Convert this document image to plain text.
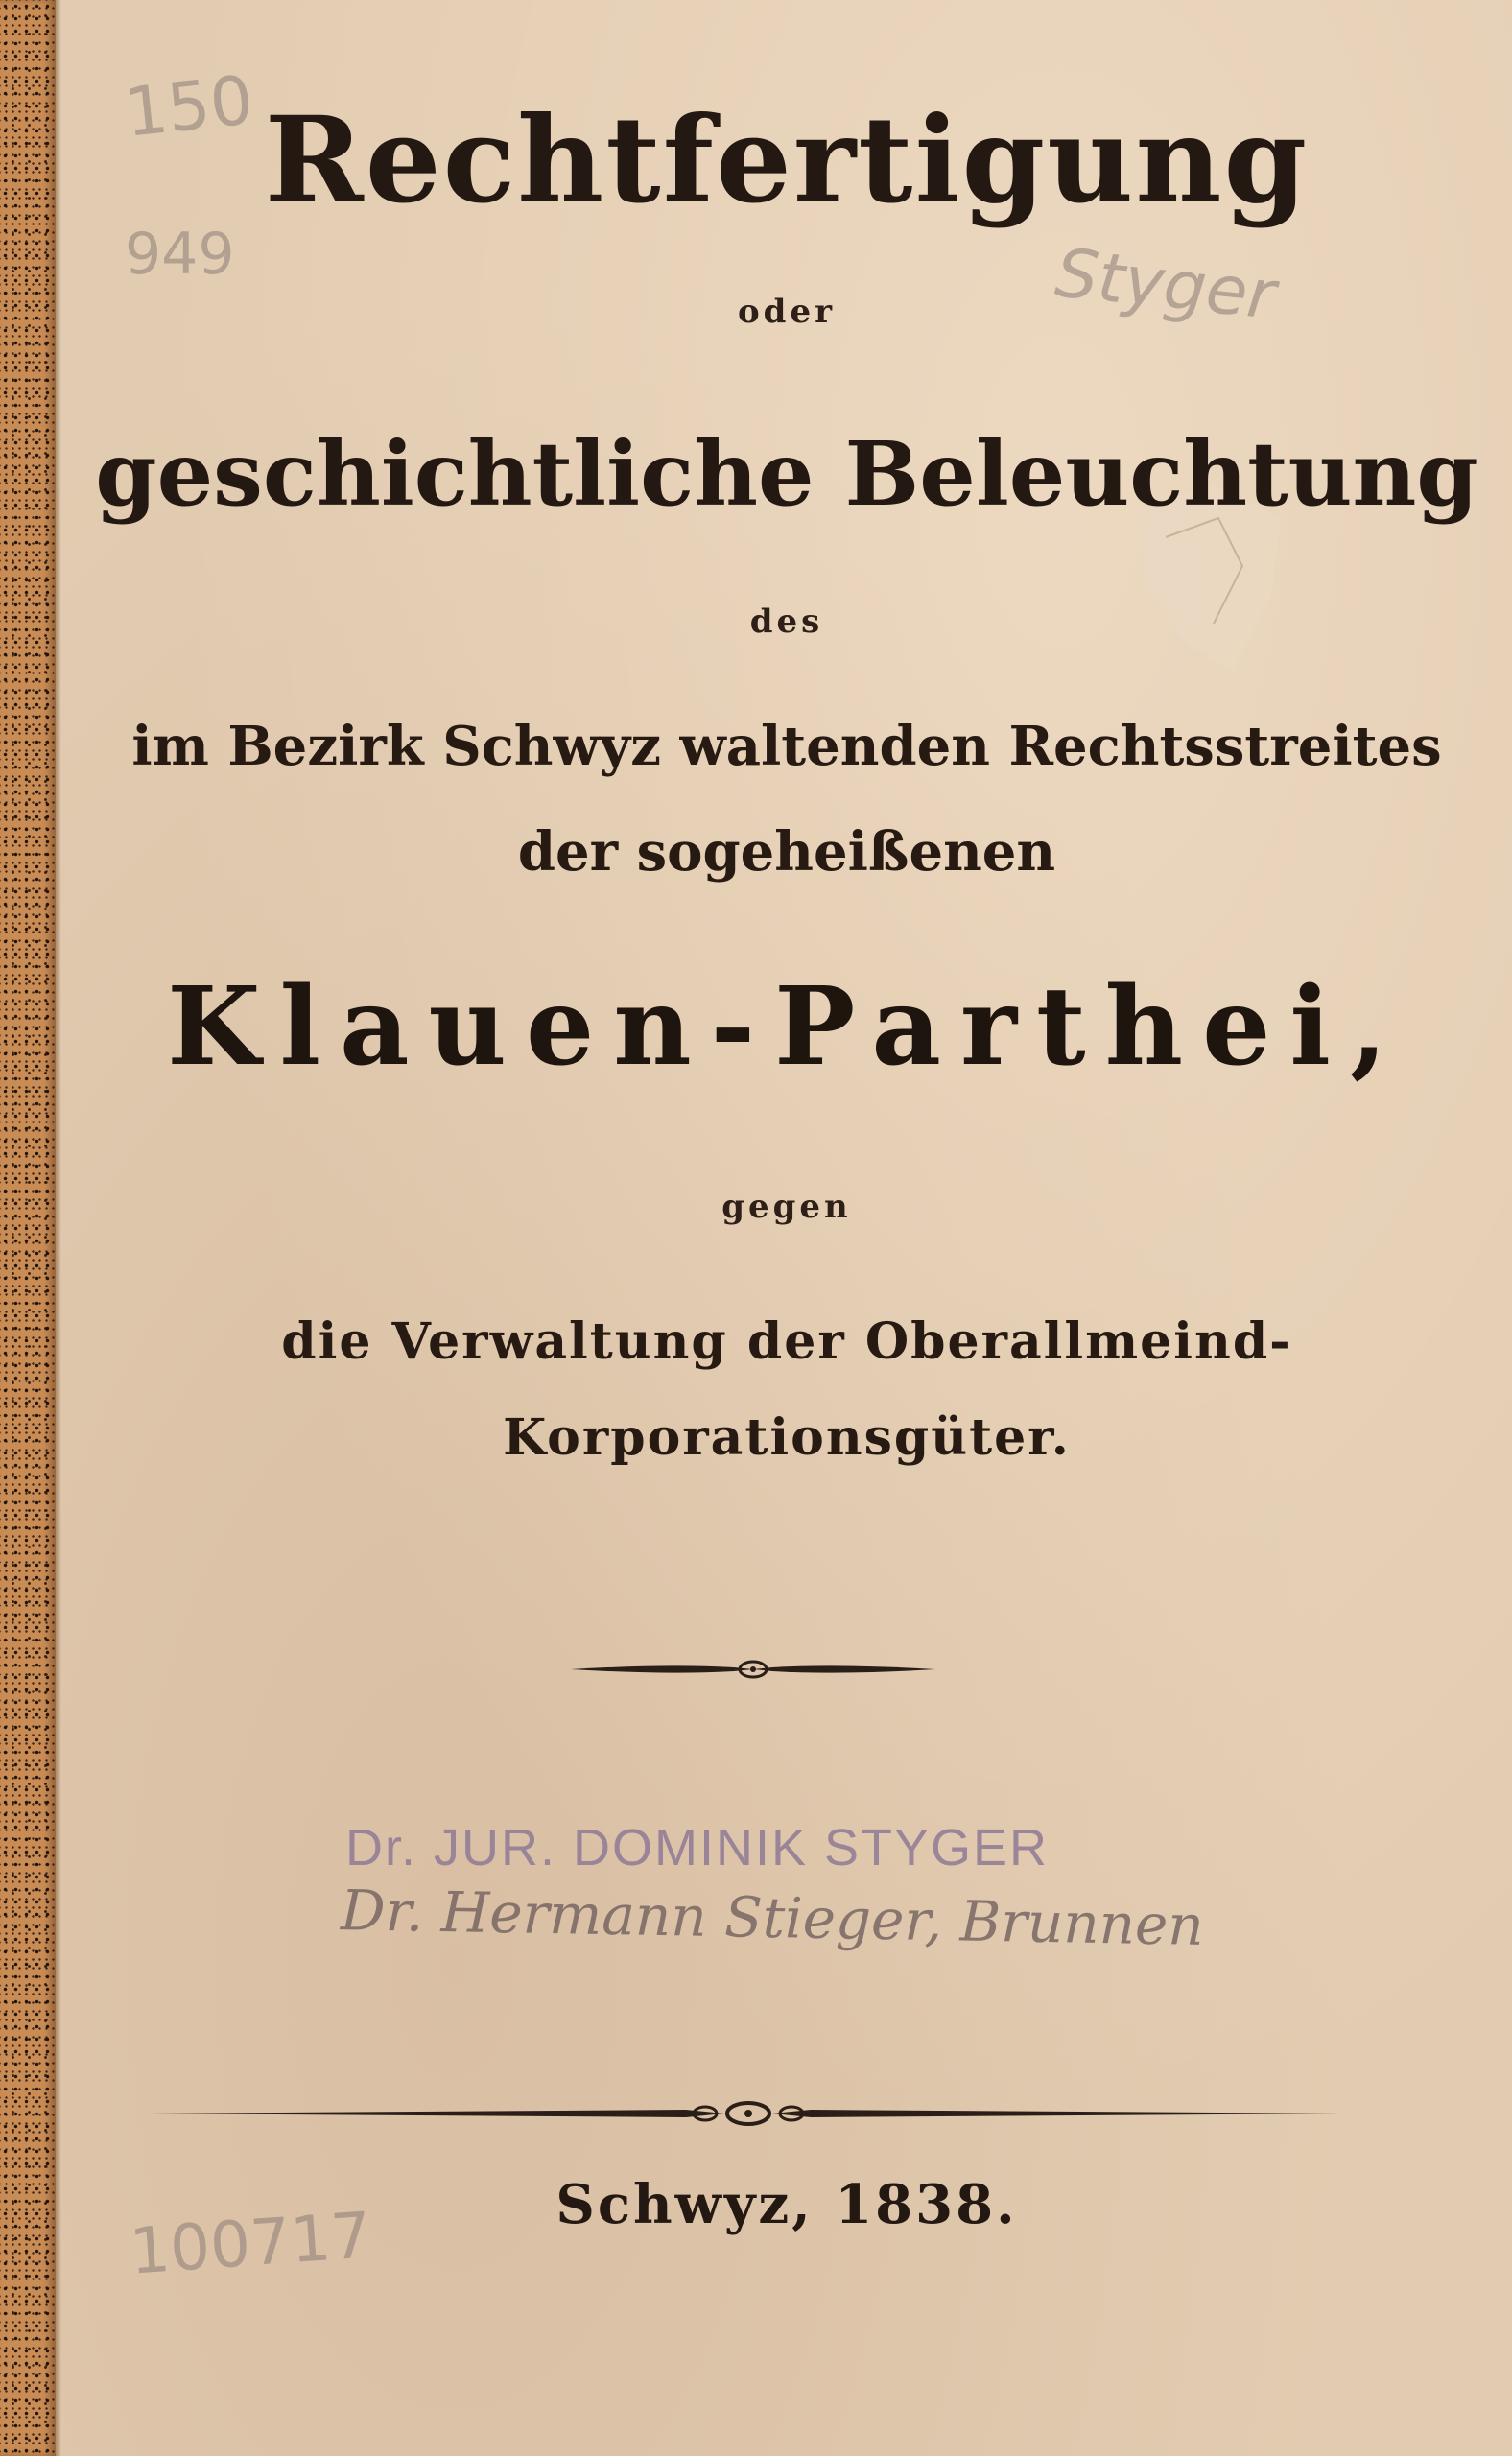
150
949	Styger
Rechtfertigung
oder
geschichtliche Beleuchtung
des
im Bezirk Schwyz waltenden Rechtsstreites
der sogeheißenen
Klauen-Parthei,
gegen
die Verwaltung der Oberallmeind-
Korporationsgüter.
Dr. JUR. DOMINIK STYGER
Dr. Hermann Stieger, Brunnen
Schwyz, 1838.
100717
